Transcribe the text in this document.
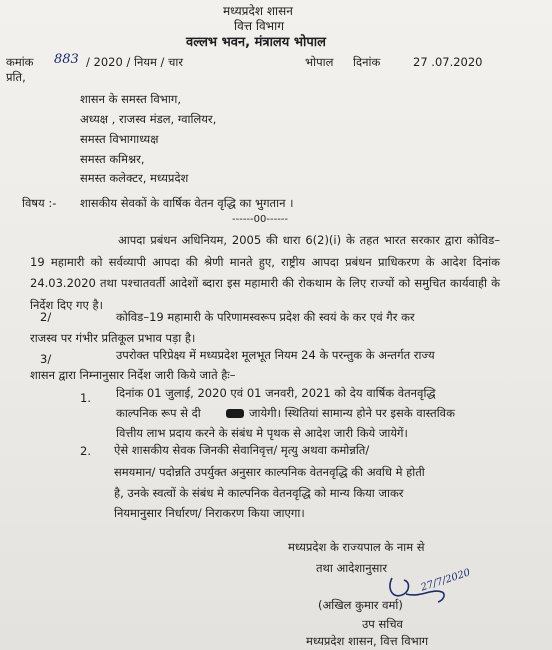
मध्यप्रदेश शासन
वित्त विभाग
वल्लभ भवन, मंत्रालय भोपाल
कमांक 883 / 2020 / नियम / चार	भोपाल दिनांक	27 .07.2020
प्रति,
शासन के समस्त विभाग,
अध्यक्ष , राजस्व मंडल, ग्वालियर,
समस्त विभागाध्यक्ष
समस्त कमिश्नर,
समस्त कलेक्टर, मध्यप्रदेश
विषय :- शासकीय सेवकों के वार्षिक वेतन वृद्धि का भुगतान ।
------00------
आपदा प्रबंधन अधिनियम, 2005 की धारा 6(2)(i) के तहत भारत सरकार द्वारा कोविड–19 महामारी को सर्वव्यापी आपदा की श्रेणी मानते हुए, राष्ट्रीय आपदा प्रबंधन प्राधिकरण के आदेश दिनांक 24.03.2020 तथा पश्चातवर्ती आदेशों ब्दारा इस महामारी की रोकथाम के लिए राज्यों को समुचित कार्यवाही के निर्देश दिए गए है।
2/	कोविड–19 महामारी के परिणामस्वरूप प्रदेश की स्वयं के कर एवं गैर कर
राजस्व पर गंभीर प्रतिकूल प्रभाव पड़ा है।
3/	उपरोक्त परिप्रेक्ष्य में मध्यप्रदेश मूलभूत नियम 24 के परन्तुक के अन्तर्गत राज्य
शासन द्वारा निम्नानुसार निर्देश जारी किये जाते हैः–
1. दिनांक 01 जुलाई, 2020 एवं 01 जनवरी, 2021 को देय वार्षिक वेतनवृद्धि
काल्पनिक रूप से दी	जायेगी। स्थितियां सामान्य होने पर इसके वास्तविक
वित्तीय लाभ प्रदाय करने के संबंध मे पृथक से आदेश जारी किये जायेगें।
2. ऐसे शासकीय सेवक जिनकी सेवानिवृत्त/ मृत्यु अथवा कमोन्नति/
समयमान/ पदोन्नति उपर्युक्त अनुसार काल्पनिक वेतनवृद्धि की अवधि मे होती
है, उनके स्वत्वों के संबंध मे काल्पनिक वेतनवृद्धि को मान्य किया जाकर
नियमानुसार निर्धारण/ निराकरण किया जाएगा।
मध्यप्रदेश के राज्यपाल के नाम से
तथा आदेशानुसार	27/7/2020
(अखिल कुमार वर्मा)
उप सचिव
मध्यप्रदेश शासन, वित्त विभाग
